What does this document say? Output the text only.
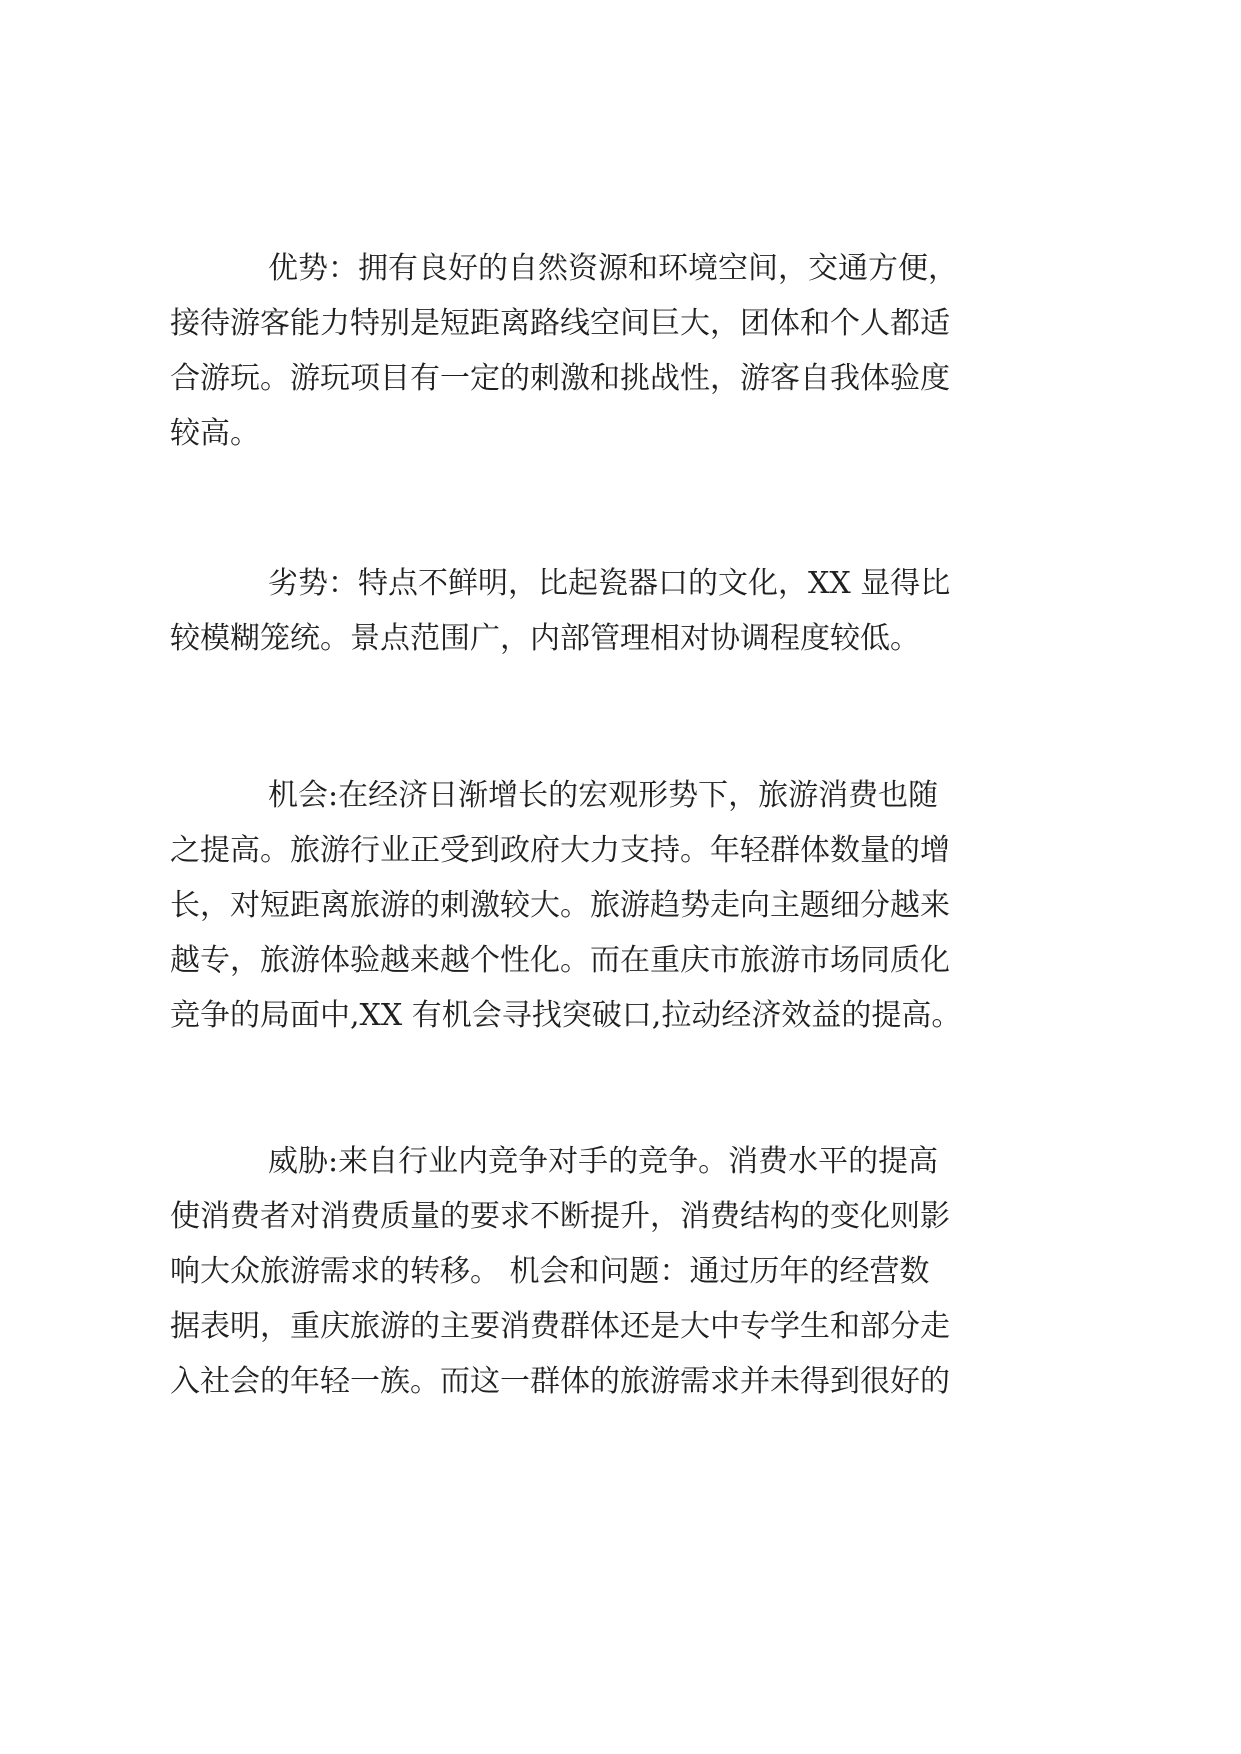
优势：拥有良好的自然资源和环境空间，交通方便，

接待游客能力特别是短距离路线空间巨大，团体和个人都适

合游玩。游玩项目有一定的刺激和挑战性，游客自我体验度

较高。

劣势：特点不鲜明，比起瓷器口的文化，XX 显得比

较模糊笼统。景点范围广，内部管理相对协调程度较低。

机会:在经济日渐增长的宏观形势下，旅游消费也随

之提高。旅游行业正受到政府大力支持。年轻群体数量的增

长，对短距离旅游的刺激较大。旅游趋势走向主题细分越来

越专，旅游体验越来越个性化。而在重庆市旅游市场同质化

竞争的局面中,XX 有机会寻找突破口,拉动经济效益的提高。

威胁:来自行业内竞争对手的竞争。消费水平的提高

使消费者对消费质量的要求不断提升，消费结构的变化则影

响大众旅游需求的转移。 机会和问题：通过历年的经营数

据表明，重庆旅游的主要消费群体还是大中专学生和部分走

入社会的年轻一族。而这一群体的旅游需求并未得到很好的
